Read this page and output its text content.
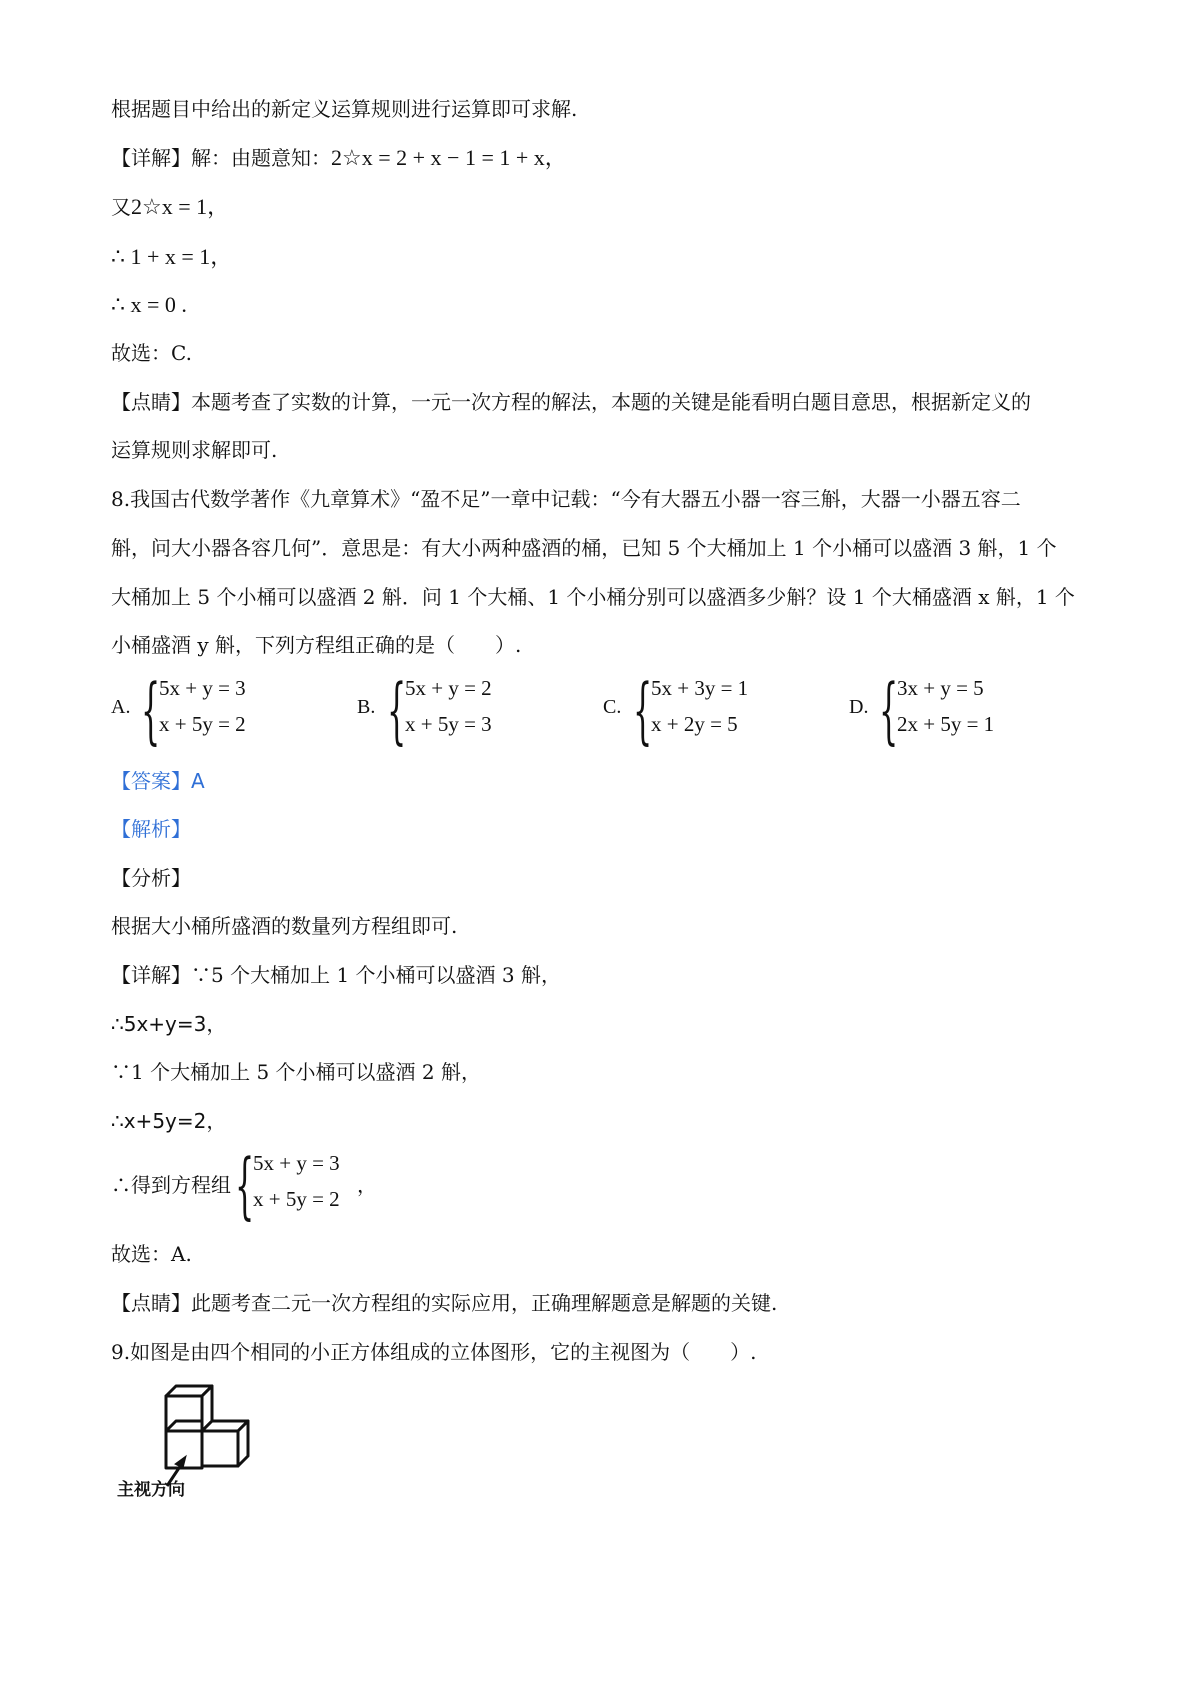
根据题目中给出的新定义运算规则进行运算即可求解.
【详解】解：由题意知：2☆x = 2 + x − 1 = 1 + x，
又2☆x = 1，
∴ 1 + x = 1，
∴ x = 0 .
故选：C.
【点睛】本题考查了实数的计算，一元一次方程的解法，本题的关键是能看明白题目意思，根据新定义的
运算规则求解即可.
8.我国古代数学著作《九章算术》“盈不足”一章中记载：“今有大器五小器一容三斛，大器一小器五容二
斛，问大小器各容几何”．意思是：有大小两种盛酒的桶，已知 5 个大桶加上 1 个小桶可以盛酒 3 斛，1 个
大桶加上 5 个小桶可以盛酒 2 斛．问 1 个大桶、1 个小桶分别可以盛酒多少斛？设 1 个大桶盛酒 x 斛，1 个
小桶盛酒 y 斛，下列方程组正确的是（　　）.
A. {
5x + y = 3
x + 5y = 2
B. {
5x + y = 2
x + 5y = 3
C. {
5x + 3y = 1
x + 2y = 5
D. {
3x + y = 5
2x + 5y = 1
【答案】A
【解析】
【分析】
根据大小桶所盛酒的数量列方程组即可.
【详解】∵5 个大桶加上 1 个小桶可以盛酒 3 斛，
∴5x+y=3，
∵1 个大桶加上 5 个小桶可以盛酒 2 斛，
∴x+5y=2，
∴得到方程组 {
5x + y = 3
x + 5y = 2
，
故选：A.
【点睛】此题考查二元一次方程组的实际应用，正确理解题意是解题的关键.
9.如图是由四个相同的小正方体组成的立体图形，它的主视图为（　　）.
主视方向
